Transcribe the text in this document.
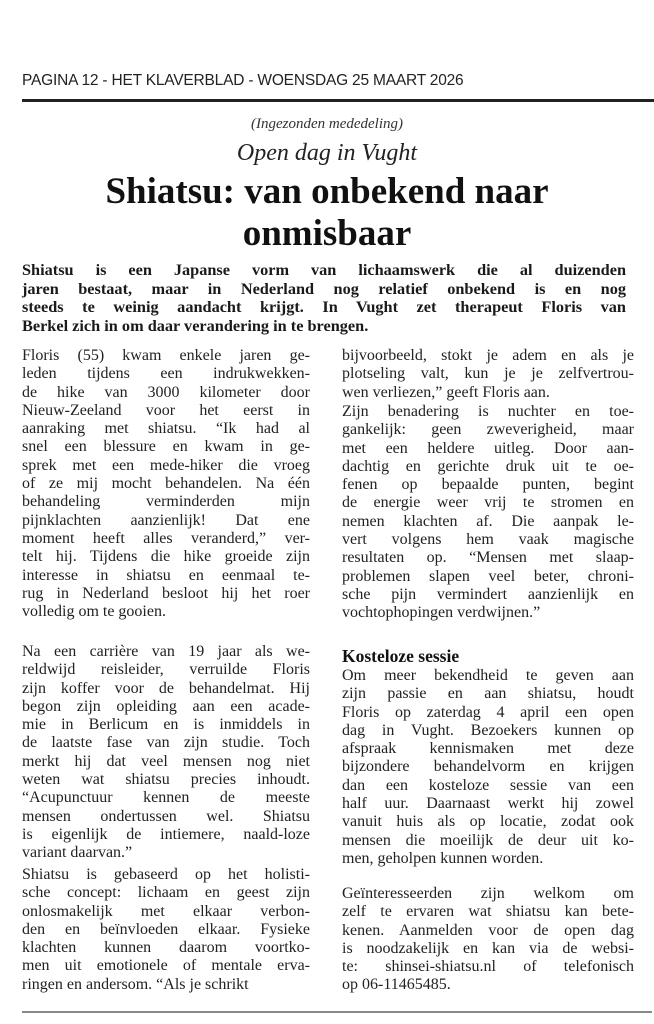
PAGINA 12 - HET KLAVERBLAD - WOENSDAG 25 MAART 2026
(Ingezonden mededeling)
Open dag in Vught
Shiatsu: van onbekend naar
onmisbaar
Shiatsu is een Japanse vorm van lichaamswerk die al duizenden
jaren bestaat, maar in Nederland nog relatief onbekend is en nog
steeds te weinig aandacht krijgt. In Vught zet therapeut Floris van
Berkel zich in om daar verandering in te brengen.
Floris (55) kwam enkele jaren ge-
leden tijdens een indrukwekken-
de hike van 3000 kilometer door
Nieuw-Zeeland voor het eerst in
aanraking met shiatsu. “Ik had al
snel een blessure en kwam in ge-
sprek met een mede-hiker die vroeg
of ze mij mocht behandelen. Na één
behandeling verminderden mijn
pijnklachten aanzienlijk! Dat ene
moment heeft alles veranderd,” ver-
telt hij. Tijdens die hike groeide zijn
interesse in shiatsu en eenmaal te-
rug in Nederland besloot hij het roer
volledig om te gooien.
Na een carrière van 19 jaar als we-
reldwijd reisleider, verruilde Floris
zijn koffer voor de behandelmat. Hij
begon zijn opleiding aan een acade-
mie in Berlicum en is inmiddels in
de laatste fase van zijn studie. Toch
merkt hij dat veel mensen nog niet
weten wat shiatsu precies inhoudt.
“Acupunctuur kennen de meeste
mensen ondertussen wel. Shiatsu
is eigenlijk de intiemere, naald-loze
variant daarvan.”
Shiatsu is gebaseerd op het holisti-
sche concept: lichaam en geest zijn
onlosmakelijk met elkaar verbon-
den en beïnvloeden elkaar. Fysieke
klachten kunnen daarom voortko-
men uit emotionele of mentale erva-
ringen en andersom. “Als je schrikt
bijvoorbeeld, stokt je adem en als je
plotseling valt, kun je je zelfvertrou-
wen verliezen,” geeft Floris aan.
Zijn benadering is nuchter en toe-
gankelijk: geen zweverigheid, maar
met een heldere uitleg. Door aan-
dachtig en gerichte druk uit te oe-
fenen op bepaalde punten, begint
de energie weer vrij te stromen en
nemen klachten af. Die aanpak le-
vert volgens hem vaak magische
resultaten op. “Mensen met slaap-
problemen slapen veel beter, chroni-
sche pijn vermindert aanzienlijk en
vochtophopingen verdwijnen.”
Kosteloze sessie
Om meer bekendheid te geven aan
zijn passie en aan shiatsu, houdt
Floris op zaterdag 4 april een open
dag in Vught. Bezoekers kunnen op
afspraak kennismaken met deze
bijzondere behandelvorm en krijgen
dan een kosteloze sessie van een
half uur. Daarnaast werkt hij zowel
vanuit huis als op locatie, zodat ook
mensen die moeilijk de deur uit ko-
men, geholpen kunnen worden.
Geïnteresseerden zijn welkom om
zelf te ervaren wat shiatsu kan bete-
kenen. Aanmelden voor de open dag
is noodzakelijk en kan via de websi-
te: shinsei-shiatsu.nl of telefonisch
op 06-11465485.
